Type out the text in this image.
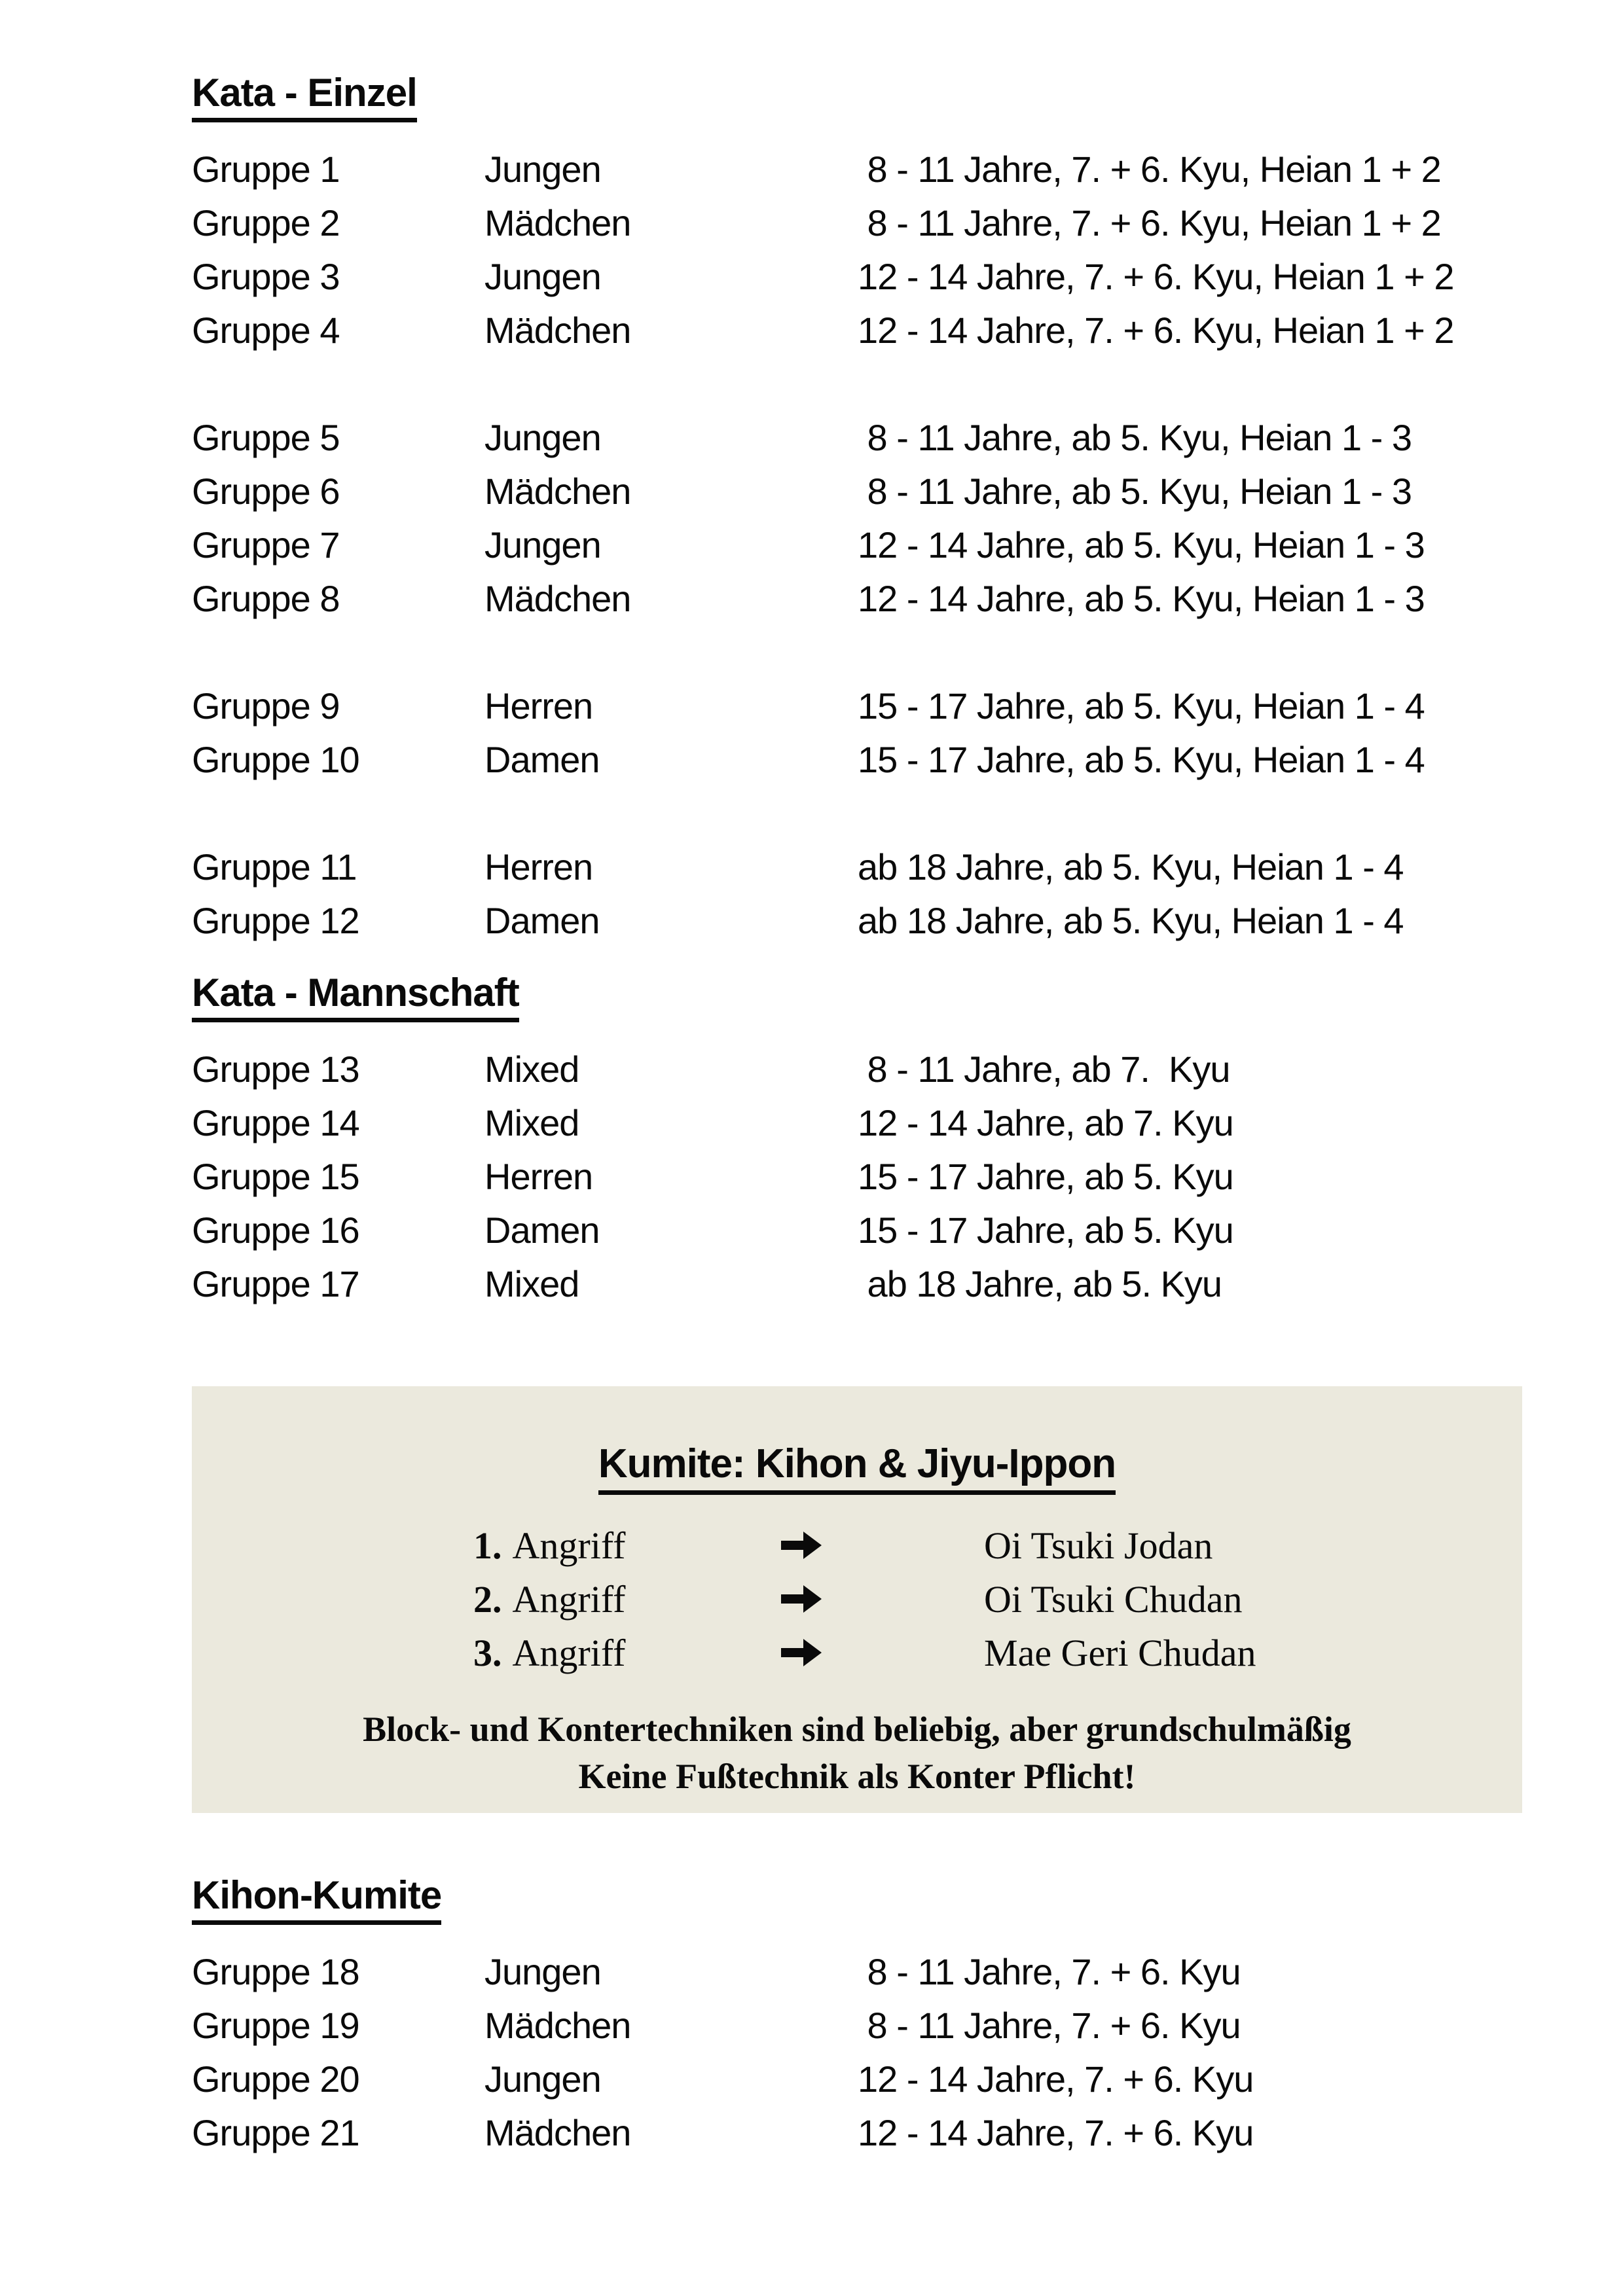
Kata - Einzel
Gruppe 1	Jungen	8 - 11 Jahre, 7. + 6. Kyu, Heian 1 + 2
Gruppe 2	Mädchen	8 - 11 Jahre, 7. + 6. Kyu, Heian 1 + 2
Gruppe 3	Jungen	12 - 14 Jahre, 7. + 6. Kyu, Heian 1 + 2
Gruppe 4	Mädchen	12 - 14 Jahre, 7. + 6. Kyu, Heian 1 + 2
Gruppe 5	Jungen	8 - 11 Jahre, ab 5. Kyu, Heian 1 - 3
Gruppe 6	Mädchen	8 - 11 Jahre, ab 5. Kyu, Heian 1 - 3
Gruppe 7	Jungen	12 - 14 Jahre, ab 5. Kyu, Heian 1 - 3
Gruppe 8	Mädchen	12 - 14 Jahre, ab 5. Kyu, Heian 1 - 3
Gruppe 9	Herren	15 - 17 Jahre, ab 5. Kyu, Heian 1 - 4
Gruppe 10	Damen	15 - 17 Jahre, ab 5. Kyu, Heian 1 - 4
Gruppe 11	Herren	ab 18 Jahre, ab 5. Kyu, Heian 1 - 4
Gruppe 12	Damen	ab 18 Jahre, ab 5. Kyu, Heian 1 - 4
Kata - Mannschaft
Gruppe 13	Mixed	8 - 11 Jahre, ab 7.  Kyu
Gruppe 14	Mixed	12 - 14 Jahre, ab 7. Kyu
Gruppe 15	Herren	15 - 17 Jahre, ab 5. Kyu
Gruppe 16	Damen	15 - 17 Jahre, ab 5. Kyu
Gruppe 17	Mixed	ab 18 Jahre, ab 5. Kyu
Kumite: Kihon & Jiyu-Ippon
1. Angriff	Oi Tsuki Jodan
2. Angriff	Oi Tsuki Chudan
3. Angriff	Mae Geri Chudan
Block- und Kontertechniken sind beliebig, aber grundschulmäßig
Keine Fußtechnik als Konter Pflicht!
Kihon-Kumite
Gruppe 18	Jungen	8 - 11 Jahre, 7. + 6. Kyu
Gruppe 19	Mädchen	8 - 11 Jahre, 7. + 6. Kyu
Gruppe 20	Jungen	12 - 14 Jahre, 7. + 6. Kyu
Gruppe 21	Mädchen	12 - 14 Jahre, 7. + 6. Kyu
